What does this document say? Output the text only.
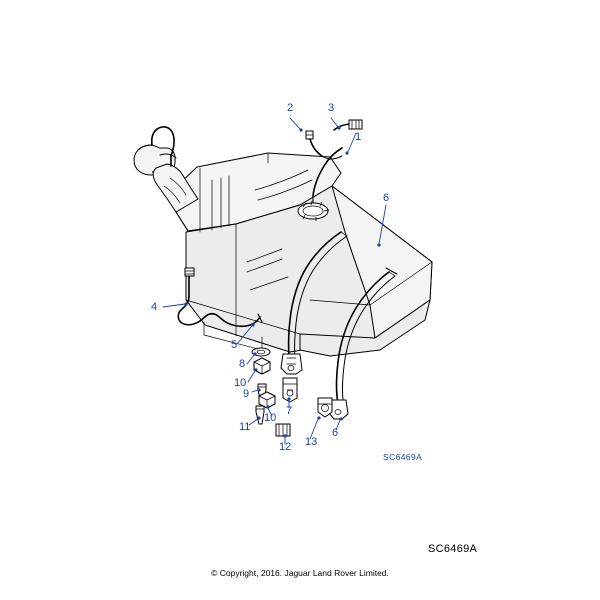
2	3
1
6
4
5
8
10
9
10
11
7
12 13
6
SC6469A
SC6469A
© Copyright, 2016. Jaguar Land Rover Limited.
